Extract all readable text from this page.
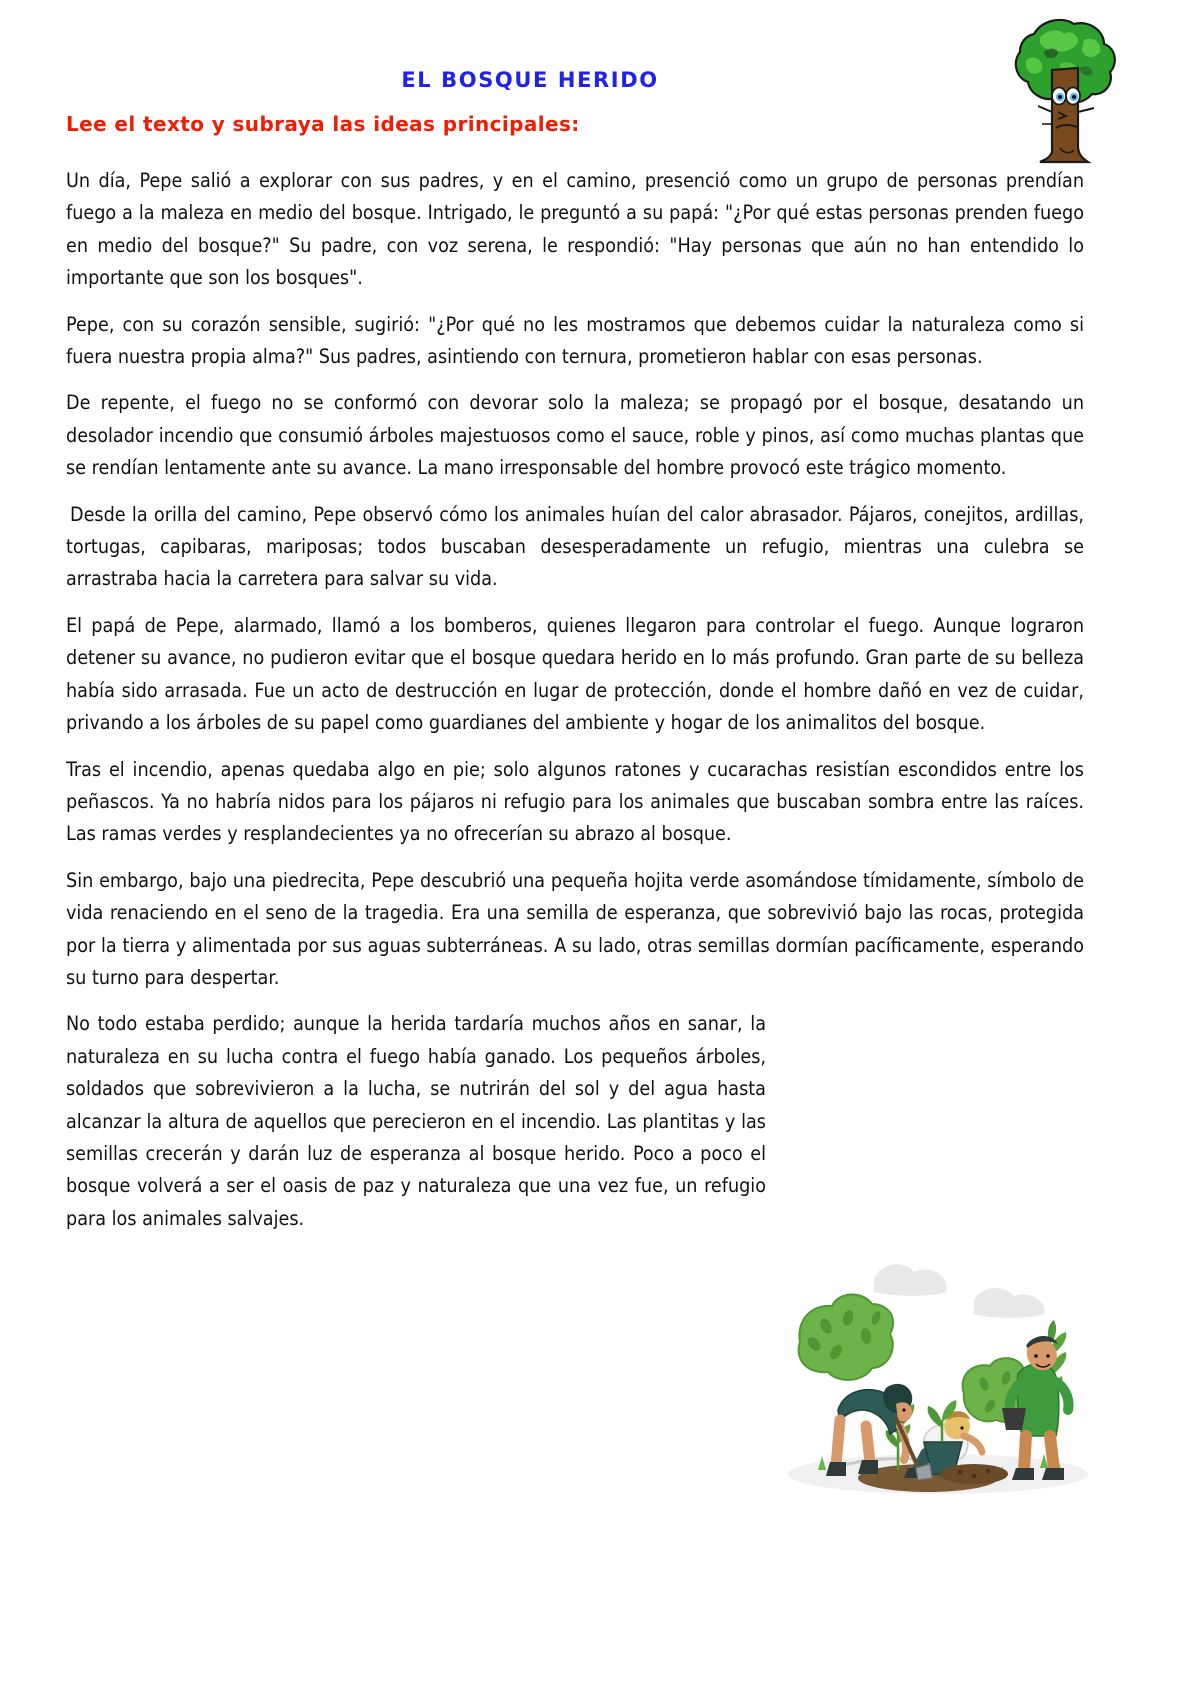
EL BOSQUE HERIDO
Lee el texto y subraya las ideas principales:

Un día, Pepe salió a explorar con sus padres, y en el camino, presenció como un grupo de personas prendían fuego a la maleza en medio del bosque. Intrigado, le preguntó a su papá: "¿Por qué estas personas prenden fuego en medio del bosque?" Su padre, con voz serena, le respondió: "Hay personas que aún no han entendido lo importante que son los bosques".

Pepe, con su corazón sensible, sugirió: "¿Por qué no les mostramos que debemos cuidar la naturaleza como si fuera nuestra propia alma?" Sus padres, asintiendo con ternura, prometieron hablar con esas personas.

De repente, el fuego no se conformó con devorar solo la maleza; se propagó por el bosque, desatando un desolador incendio que consumió árboles majestuosos como el sauce, roble y pinos, así como muchas plantas que se rendían lentamente ante su avance. La mano irresponsable del hombre provocó este trágico momento.

Desde la orilla del camino, Pepe observó cómo los animales huían del calor abrasador. Pájaros, conejitos, ardillas, tortugas, capibaras, mariposas; todos buscaban desesperadamente un refugio, mientras una culebra se arrastraba hacia la carretera para salvar su vida.

El papá de Pepe, alarmado, llamó a los bomberos, quienes llegaron para controlar el fuego. Aunque lograron detener su avance, no pudieron evitar que el bosque quedara herido en lo más profundo. Gran parte de su belleza había sido arrasada. Fue un acto de destrucción en lugar de protección, donde el hombre dañó en vez de cuidar, privando a los árboles de su papel como guardianes del ambiente y hogar de los animalitos del bosque.

Tras el incendio, apenas quedaba algo en pie; solo algunos ratones y cucarachas resistían escondidos entre los peñascos. Ya no habría nidos para los pájaros ni refugio para los animales que buscaban sombra entre las raíces. Las ramas verdes y resplandecientes ya no ofrecerían su abrazo al bosque.

Sin embargo, bajo una piedrecita, Pepe descubrió una pequeña hojita verde asomándose tímidamente, símbolo de vida renaciendo en el seno de la tragedia. Era una semilla de esperanza, que sobrevivió bajo las rocas, protegida por la tierra y alimentada por sus aguas subterráneas. A su lado, otras semillas dormían pacíficamente, esperando su turno para despertar.

No todo estaba perdido; aunque la herida tardaría muchos años en sanar, la naturaleza en su lucha contra el fuego había ganado. Los pequeños árboles, soldados que sobrevivieron a la lucha, se nutrirán del sol y del agua hasta alcanzar la altura de aquellos que perecieron en el incendio. Las plantitas y las semillas crecerán y darán luz de esperanza al bosque herido. Poco a poco el bosque volverá a ser el oasis de paz y naturaleza que una vez fue, un refugio para los animales salvajes.
